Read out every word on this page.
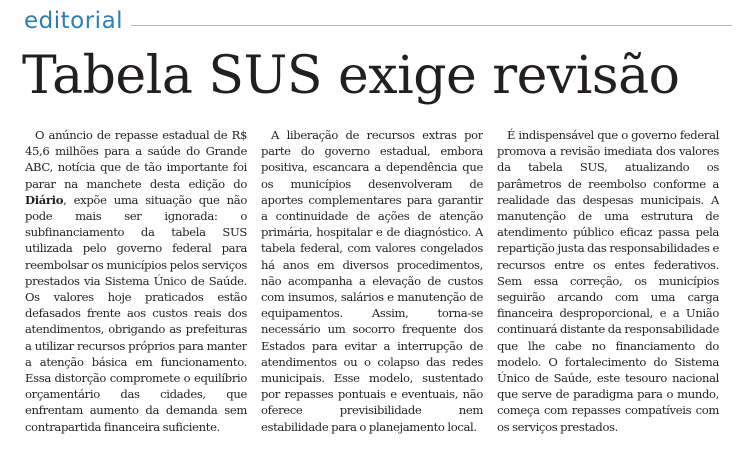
editorial
Tabela SUS exige revisão

O anúncio de repasse estadual de R$ 45,6 milhões para a saúde do Grande ABC, notícia que de tão importante foi parar na manchete desta edição do Diário, expõe uma situação que não pode mais ser ignorada: o subfinanciamento da tabela SUS utilizada pelo governo federal para reembolsar os municípios pelos serviços prestados via Sistema Único de Saúde. Os valores hoje praticados estão defasados frente aos custos reais dos atendimentos, obrigando as prefeituras a utilizar recursos próprios para manter a atenção básica em funcionamento. Essa distorção compromete o equilíbrio orçamentário das cidades, que enfrentam aumento da demanda sem contrapartida financeira suficiente.

A liberação de recursos extras por parte do governo estadual, embora positiva, escancara a dependência que os municípios desenvolveram de aportes complementares para garantir a continuidade de ações de atenção primária, hospitalar e de diagnóstico. A tabela federal, com valores congelados há anos em diversos procedimentos, não acompanha a elevação de custos com insumos, salários e manutenção de equipamentos. Assim, torna-se necessário um socorro frequente dos Estados para evitar a interrupção de atendimentos ou o colapso das redes municipais. Esse modelo, sustentado por repasses pontuais e eventuais, não oferece previsibilidade nem estabilidade para o planejamento local.

É indispensável que o governo federal promova a revisão imediata dos valores da tabela SUS, atualizando os parâmetros de reembolso conforme a realidade das despesas municipais. A manutenção de uma estrutura de atendimento público eficaz passa pela repartição justa das responsabilidades e recursos entre os entes federativos. Sem essa correção, os municípios seguirão arcando com uma carga financeira desproporcional, e a União continuará distante da responsabilidade que lhe cabe no financiamento do modelo. O fortalecimento do Sistema Único de Saúde, este tesouro nacional que serve de paradigma para o mundo, começa com repasses compatíveis com os serviços prestados.
